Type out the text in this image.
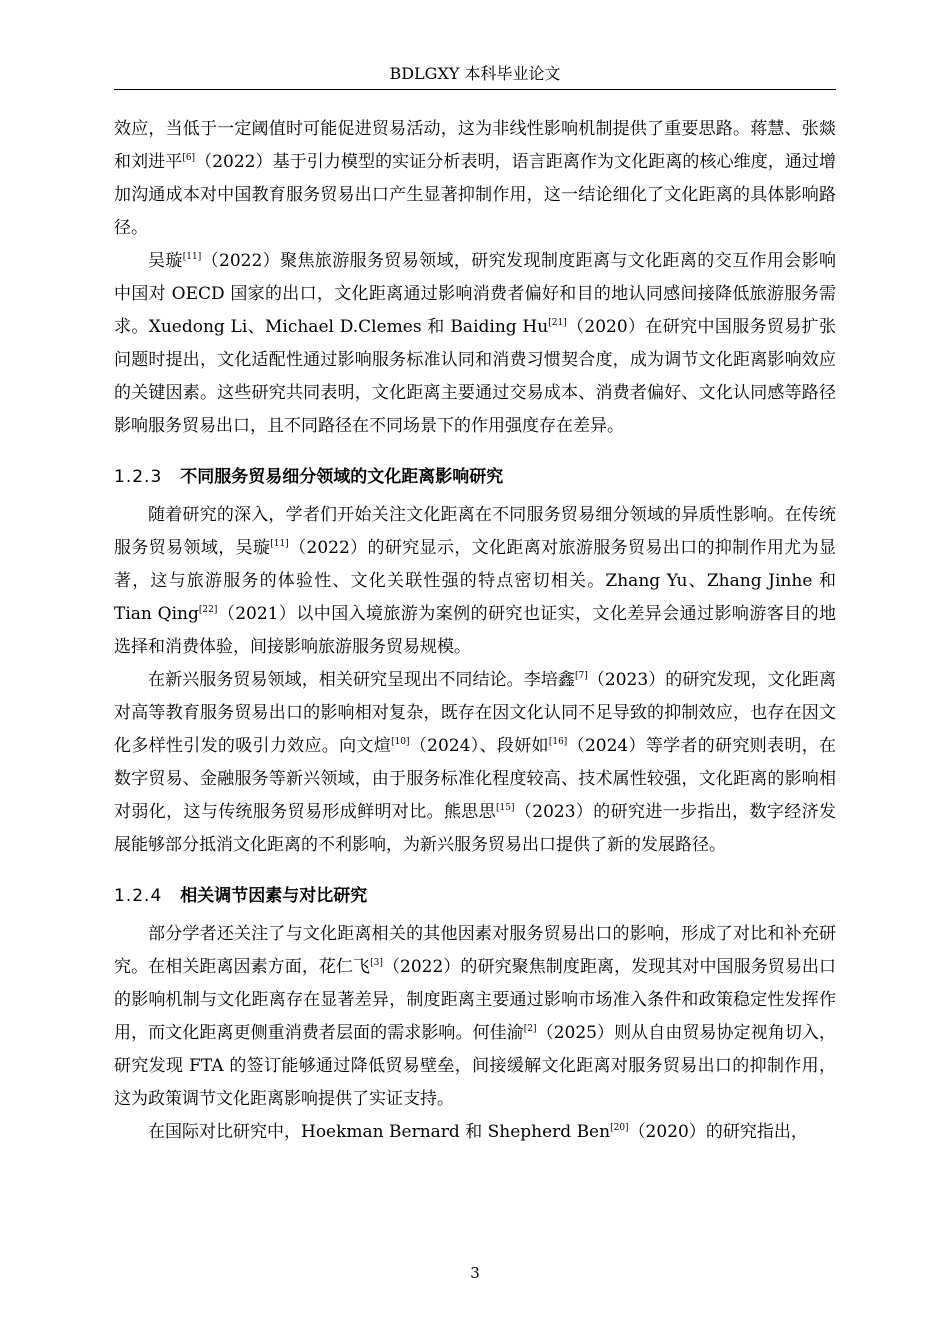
BDLGXY 本科毕业论文

效应，当低于一定阈值时可能促进贸易活动，这为非线性影响机制提供了重要思路。蒋慧、张燚和刘进平[6]（2022）基于引力模型的实证分析表明，语言距离作为文化距离的核心维度，通过增加沟通成本对中国教育服务贸易出口产生显著抑制作用，这一结论细化了文化距离的具体影响路径。

吴璇[11]（2022）聚焦旅游服务贸易领域，研究发现制度距离与文化距离的交互作用会影响中国对 OECD 国家的出口，文化距离通过影响消费者偏好和目的地认同感间接降低旅游服务需求。Xuedong Li、Michael D.Clemes 和 Baiding Hu[21]（2020）在研究中国服务贸易扩张问题时提出，文化适配性通过影响服务标准认同和消费习惯契合度，成为调节文化距离影响效应的关键因素。这些研究共同表明，文化距离主要通过交易成本、消费者偏好、文化认同感等路径影响服务贸易出口，且不同路径在不同场景下的作用强度存在差异。

1.2.3 不同服务贸易细分领域的文化距离影响研究

随着研究的深入，学者们开始关注文化距离在不同服务贸易细分领域的异质性影响。在传统服务贸易领域，吴璇[11]（2022）的研究显示，文化距离对旅游服务贸易出口的抑制作用尤为显著，这与旅游服务的体验性、文化关联性强的特点密切相关。Zhang Yu、Zhang Jinhe 和 Tian Qing[22]（2021）以中国入境旅游为案例的研究也证实，文化差异会通过影响游客目的地选择和消费体验，间接影响旅游服务贸易规模。

在新兴服务贸易领域，相关研究呈现出不同结论。李培鑫[7]（2023）的研究发现，文化距离对高等教育服务贸易出口的影响相对复杂，既存在因文化认同不足导致的抑制效应，也存在因文化多样性引发的吸引力效应。向文煊[10]（2024）、段妍如[16]（2024）等学者的研究则表明，在数字贸易、金融服务等新兴领域，由于服务标准化程度较高、技术属性较强，文化距离的影响相对弱化，这与传统服务贸易形成鲜明对比。熊思思[15]（2023）的研究进一步指出，数字经济发展能够部分抵消文化距离的不利影响，为新兴服务贸易出口提供了新的发展路径。

1.2.4 相关调节因素与对比研究

部分学者还关注了与文化距离相关的其他因素对服务贸易出口的影响，形成了对比和补充研究。在相关距离因素方面，花仁飞[3]（2022）的研究聚焦制度距离，发现其对中国服务贸易出口的影响机制与文化距离存在显著差异，制度距离主要通过影响市场准入条件和政策稳定性发挥作用，而文化距离更侧重消费者层面的需求影响。何佳渝[2]（2025）则从自由贸易协定视角切入，研究发现 FTA 的签订能够通过降低贸易壁垒，间接缓解文化距离对服务贸易出口的抑制作用，这为政策调节文化距离影响提供了实证支持。

在国际对比研究中，Hoekman Bernard 和 Shepherd Ben[20]（2020）的研究指出，

3
